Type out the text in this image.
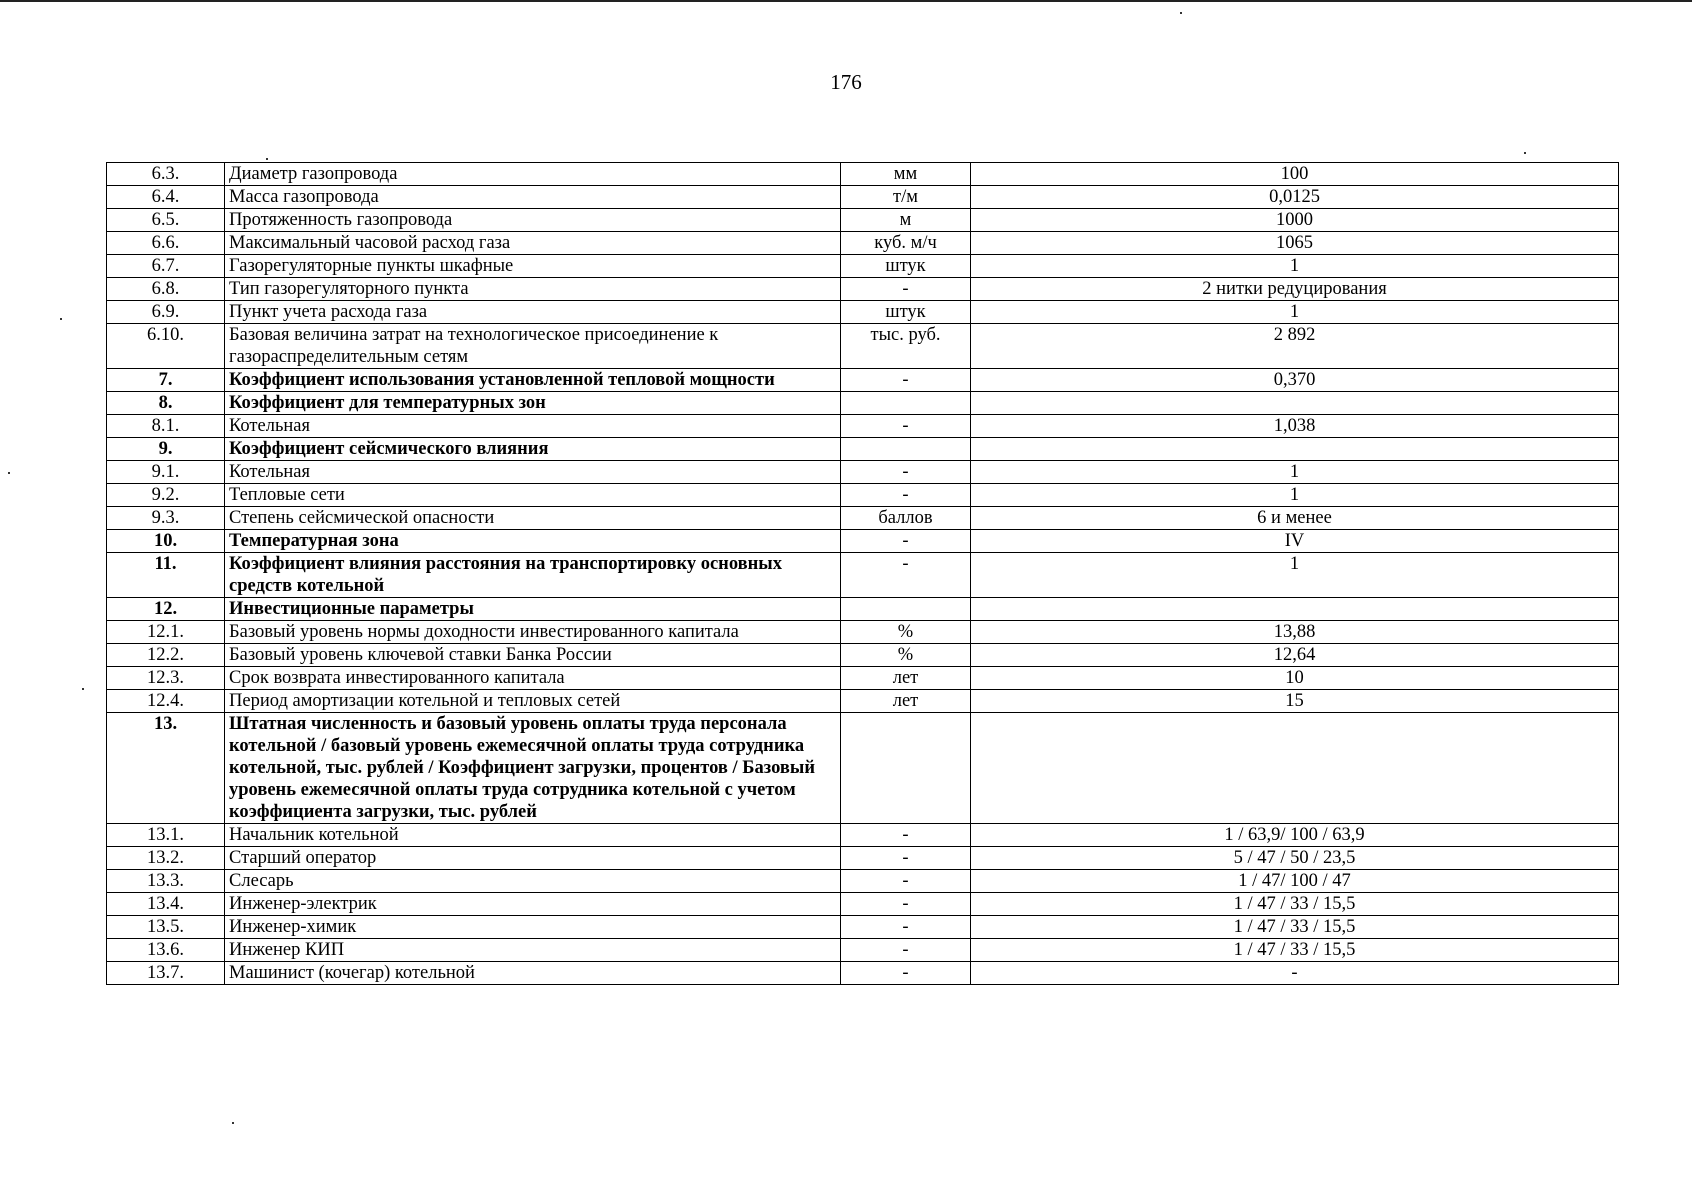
176
6.3.	Диаметр газопровода	мм	100
6.4.	Масса газопровода	т/м	0,0125
6.5.	Протяженность газопровода	м	1000
6.6.	Максимальный часовой расход газа	куб. м/ч	1065
6.7.	Газорегуляторные пункты шкафные	штук	1
6.8.	Тип газорегуляторного пункта	-	2 нитки редуцирования
6.9.	Пункт учета расхода газа	штук	1
6.10.	Базовая величина затрат на технологическое присоединение к газораспределительным сетям	тыс. руб.	2 892
7.	Коэффициент использования установленной тепловой мощности	-	0,370
8.	Коэффициент для температурных зон		
8.1.	Котельная	-	1,038
9.	Коэффициент сейсмического влияния		
9.1.	Котельная	-	1
9.2.	Тепловые сети	-	1
9.3.	Степень сейсмической опасности	баллов	6 и менее
10.	Температурная зона	-	IV
11.	Коэффициент влияния расстояния на транспортировку основных средств котельной	-	1
12.	Инвестиционные параметры		
12.1.	Базовый уровень нормы доходности инвестированного капитала	%	13,88
12.2.	Базовый уровень ключевой ставки Банка России	%	12,64
12.3.	Срок возврата инвестированного капитала	лет	10
12.4.	Период амортизации котельной и тепловых сетей	лет	15
13.	Штатная численность и базовый уровень оплаты труда персонала котельной / базовый уровень ежемесячной оплаты труда сотрудника котельной, тыс. рублей / Коэффициент загрузки, процентов / Базовый уровень ежемесячной оплаты труда сотрудника котельной с учетом коэффициента загрузки, тыс. рублей		
13.1.	Начальник котельной	-	1 / 63,9/ 100 / 63,9
13.2.	Старший оператор	-	5 / 47 / 50 / 23,5
13.3.	Слесарь	-	1 / 47/ 100 / 47
13.4.	Инженер-электрик	-	1 / 47 / 33 / 15,5
13.5.	Инженер-химик	-	1 / 47 / 33 / 15,5
13.6.	Инженер КИП	-	1 / 47 / 33 / 15,5
13.7.	Машинист (кочегар) котельной	-	-
